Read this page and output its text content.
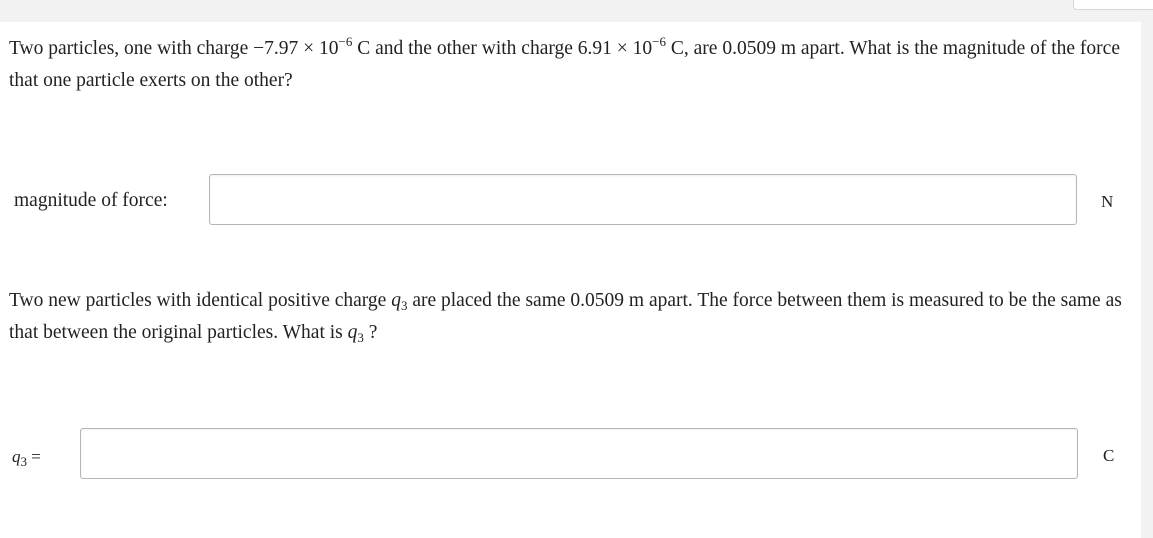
Two particles, one with charge $-7.97 \times 10^{-6}$ C and the other with charge $6.91 \times 10^{-6}$ C, are 0.0509 m apart. What is the magnitude of the force that one particle exerts on the other?
magnitude of force:	N
Two new particles with identical positive charge $q_3$ are placed the same 0.0509 m apart. The force between them is measured to be the same as that between the original particles. What is $q_3$ ?
$q_3$ =	C
